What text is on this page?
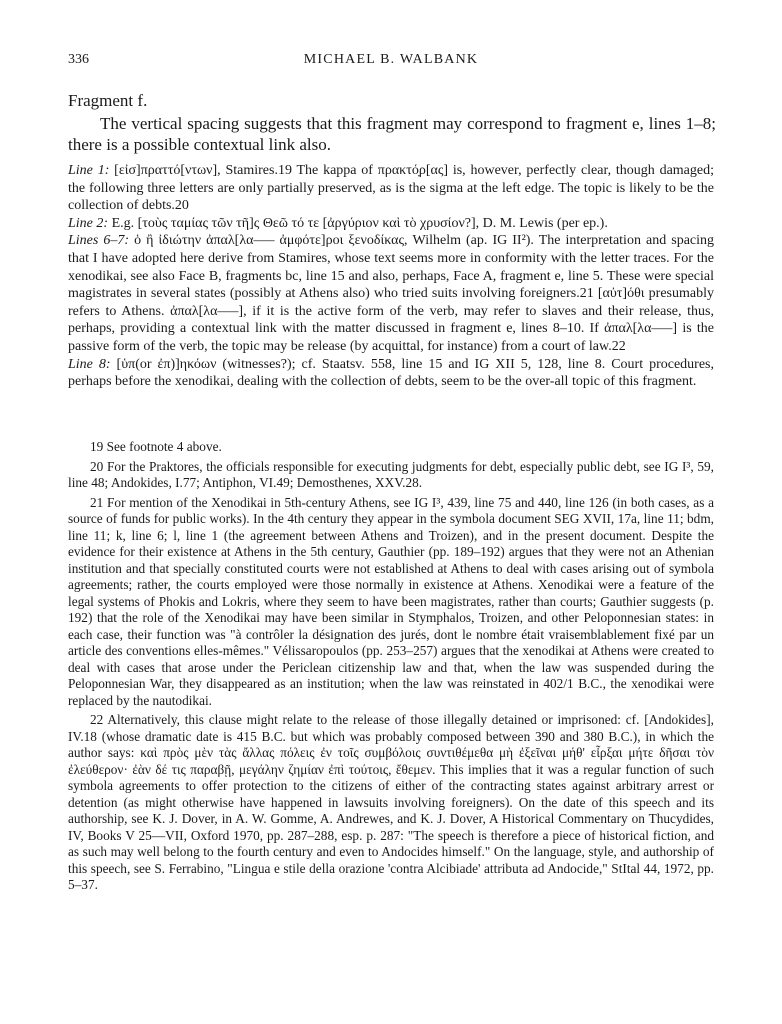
336	MICHAEL B. WALBANK
Fragment f.
The vertical spacing suggests that this fragment may correspond to fragment e, lines 1–8; there is a possible contextual link also.

Line 1: [εἰσ]πραττό[ντων], Stamires.19 The kappa of πρακτό̣ρ[ας] is, however, perfectly clear, though damaged; the following three letters are only partially preserved, as is the sigma at the left edge. The topic is likely to be the collection of debts.20

Line 2: E.g. [τοὺς ταμίας τῶν τῆ]ς Θεῶ τό τε [ἀργύριον καὶ τὸ χρυσίον?], D. M. Lewis (per ep.).

Lines 6–7: ὁ ἢ ἰδιώτην ἀπαλ[λα––– ἀμφότε]ροι ξενοδίκας, Wilhelm (ap. IG II²). The interpretation and spacing that I have adopted here derive from Stamires, whose text seems more in conformity with the letter traces. For the xenodikai, see also Face B, fragments bc, line 15 and also, perhaps, Face A, fragment e, line 5. These were special magistrates in several states (possibly at Athens also) who tried suits involving foreigners.21 [αὐτ]όθι presumably refers to Athens. ἀπαλ[λα–––], if it is the active form of the verb, may refer to slaves and their release, thus, perhaps, providing a contextual link with the matter discussed in fragment e, lines 8–10. If ἀπαλ[λα–––] is the passive form of the verb, the topic may be release (by acquittal, for instance) from a court of law.22

Line 8: [ὑπ(or ἐπ)]ηκόων (witnesses?); cf. Staatsv. 558, line 15 and IG XII 5, 128, line 8. Court procedures, perhaps before the xenodikai, dealing with the collection of debts, seem to be the over-all topic of this fragment.

19 See footnote 4 above.

20 For the Praktores, the officials responsible for executing judgments for debt, especially public debt, see IG I³, 59, line 48; Andokides, I.77; Antiphon, VI.49; Demosthenes, XXV.28.

21 For mention of the Xenodikai in 5th-century Athens, see IG I³, 439, line 75 and 440, line 126 (in both cases, as a source of funds for public works). In the 4th century they appear in the symbola document SEG XVII, 17a, line 11; bdm, line 11; k, line 6; l, line 1 (the agreement between Athens and Troizen), and in the present document. Despite the evidence for their existence at Athens in the 5th century, Gauthier (pp. 189–192) argues that they were not an Athenian institution and that specially constituted courts were not established at Athens to deal with cases arising out of symbola agreements; rather, the courts employed were those normally in existence at Athens. Xenodikai were a feature of the legal systems of Phokis and Lokris, where they seem to have been magistrates, rather than courts; Gauthier suggests (p. 192) that the role of the Xenodikai may have been similar in Stymphalos, Troizen, and other Peloponnesian states: in each case, their function was "à contrôler la désignation des jurés, dont le nombre était vraisemblablement fixé par un article des conventions elles-mêmes." Vélissaropoulos (pp. 253–257) argues that the xenodikai at Athens were created to deal with cases that arose under the Periclean citizenship law and that, when the law was suspended during the Peloponnesian War, they disappeared as an institution; when the law was reinstated in 402/1 B.C., the xenodikai were replaced by the nautodikai.

22 Alternatively, this clause might relate to the release of those illegally detained or imprisoned: cf. [Andokides], IV.18 (whose dramatic date is 415 B.C. but which was probably composed between 390 and 380 B.C.), in which the author says: καὶ πρὸς μὲν τὰς ἄλλας πόλεις ἐν τοῖς συμβόλοις συντιθέμεθα μὴ ἐξεῖναι μήθ' εἷρξαι μήτε δῆσαι τὸν ἐλεύθερον· ἐὰν δέ τις παραβῇ, μεγάλην ζημίαν ἐπὶ τούτοις, ἔθεμεν. This implies that it was a regular function of such symbola agreements to offer protection to the citizens of either of the contracting states against arbitrary arrest or detention (as might otherwise have happened in lawsuits involving foreigners). On the date of this speech and its authorship, see K. J. Dover, in A. W. Gomme, A. Andrewes, and K. J. Dover, A Historical Commentary on Thucydides, IV, Books V 25—VII, Oxford 1970, pp. 287–288, esp. p. 287: "The speech is therefore a piece of historical fiction, and as such may well belong to the fourth century and even to Andocides himself." On the language, style, and authorship of this speech, see S. Ferrabino, "Lingua e stile della orazione 'contra Alcibiade' attributa ad Andocide," StItal 44, 1972, pp. 5–37.
